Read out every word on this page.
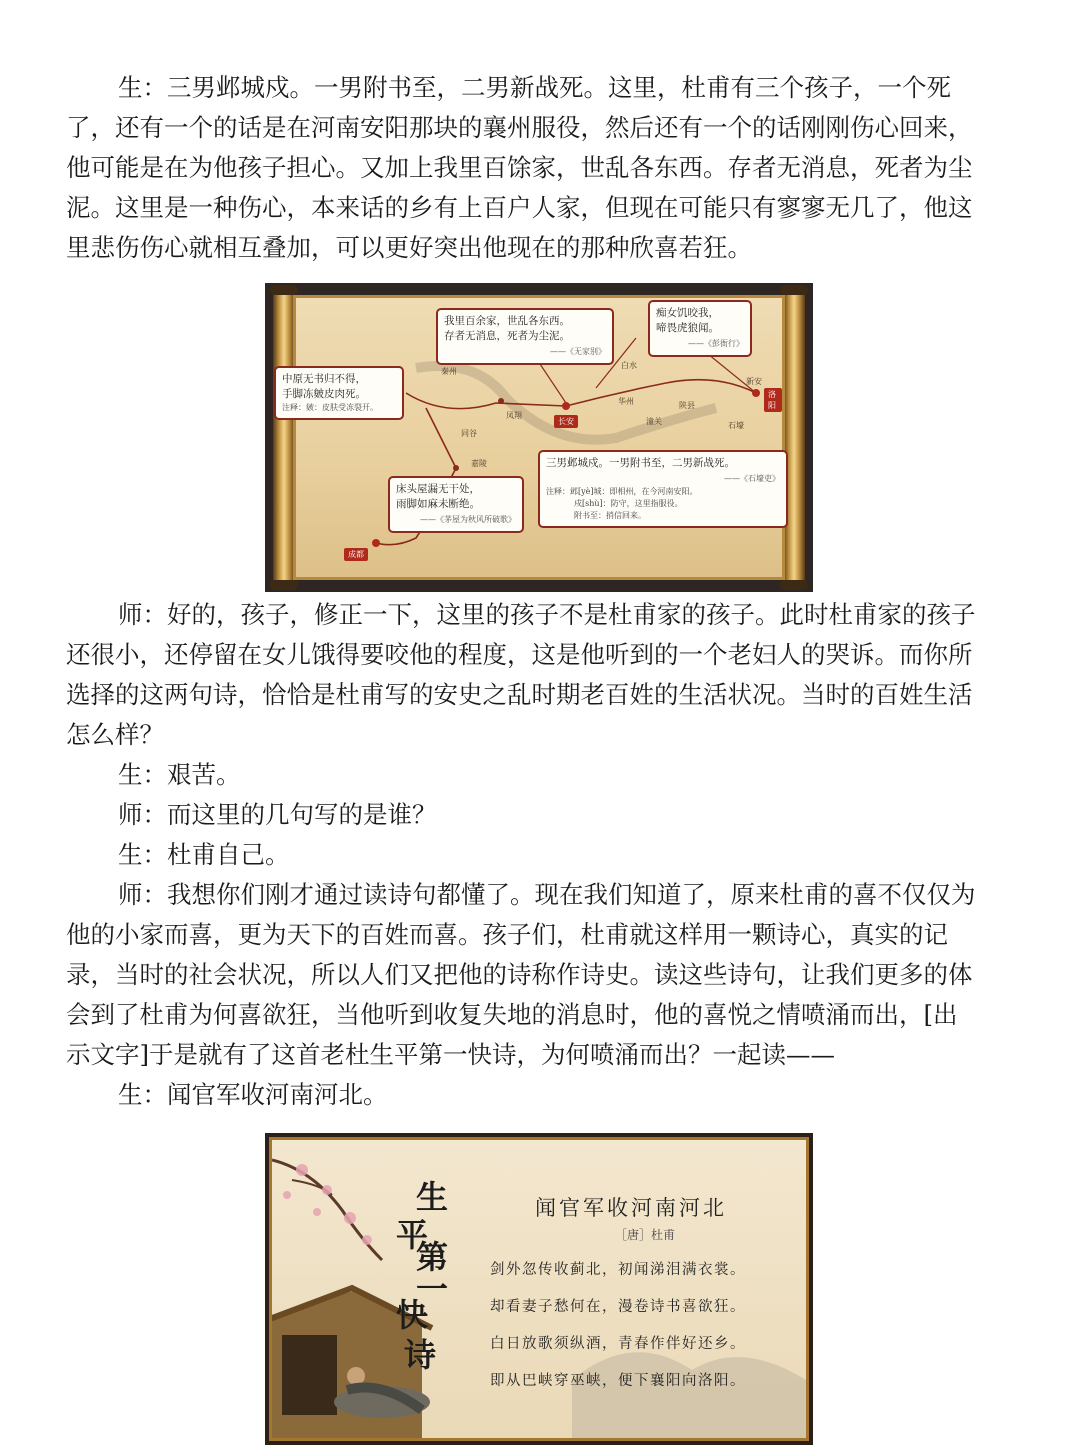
生：三男邺城戍。一男附书至，二男新战死。这里，杜甫有三个孩子，一个死
了，还有一个的话是在河南安阳那块的襄州服役，然后还有一个的话刚刚伤心回来，
他可能是在为他孩子担心。又加上我里百馀家，世乱各东西。存者无消息，死者为尘
泥。这里是一种伤心，本来话的乡有上百户人家，但现在可能只有寥寥无几了，他这
里悲伤伤心就相互叠加，可以更好突出他现在的那种欣喜若狂。
秦州
凤翔
白水
华州	陕县
新安
潼关	石壕
同谷
嘉陵
长安
洛阳
成都
我里百余家，世乱各东西。
存者无消息，死者为尘泥。
——《无家别》
痴女饥咬我，
啼畏虎狼闻。
——《彭衙行》
中原无书归不得，
手脚冻皴皮肉死。
注释：皴：皮肤受冻裂开。
床头屋漏无干处，
雨脚如麻未断绝。
——《茅屋为秋风所破歌》
三男邺城戍。一男附书至，二男新战死。
——《石壕吏》
注释：邺[yè]城：即相州，在今河南安阳。
戍[shù]：防守，这里指服役。
附书至：捎信回来。
师：好的，孩子，修正一下，这里的孩子不是杜甫家的孩子。此时杜甫家的孩子
还很小，还停留在女儿饿得要咬他的程度，这是他听到的一个老妇人的哭诉。而你所
选择的这两句诗，恰恰是杜甫写的安史之乱时期老百姓的生活状况。当时的百姓生活
怎么样？
生：艰苦。
师：而这里的几句写的是谁？
生：杜甫自己。
师：我想你们刚才通过读诗句都懂了。现在我们知道了，原来杜甫的喜不仅仅为
他的小家而喜，更为天下的百姓而喜。孩子们，杜甫就这样用一颗诗心，真实的记
录，当时的社会状况，所以人们又把他的诗称作诗史。读这些诗句，让我们更多的体
会到了杜甫为何喜欲狂，当他听到收复失地的消息时，他的喜悦之情喷涌而出，[出
示文字]于是就有了这首老杜生平第一快诗，为何喷涌而出？一起读——
生：闻官军收河南河北。
生
平
第
一
快
诗
闻官军收河南河北
［唐］杜甫
剑外忽传收蓟北，初闻涕泪满衣裳。
却看妻子愁何在，漫卷诗书喜欲狂。
白日放歌须纵酒，青春作伴好还乡。
即从巴峡穿巫峡，便下襄阳向洛阳。
